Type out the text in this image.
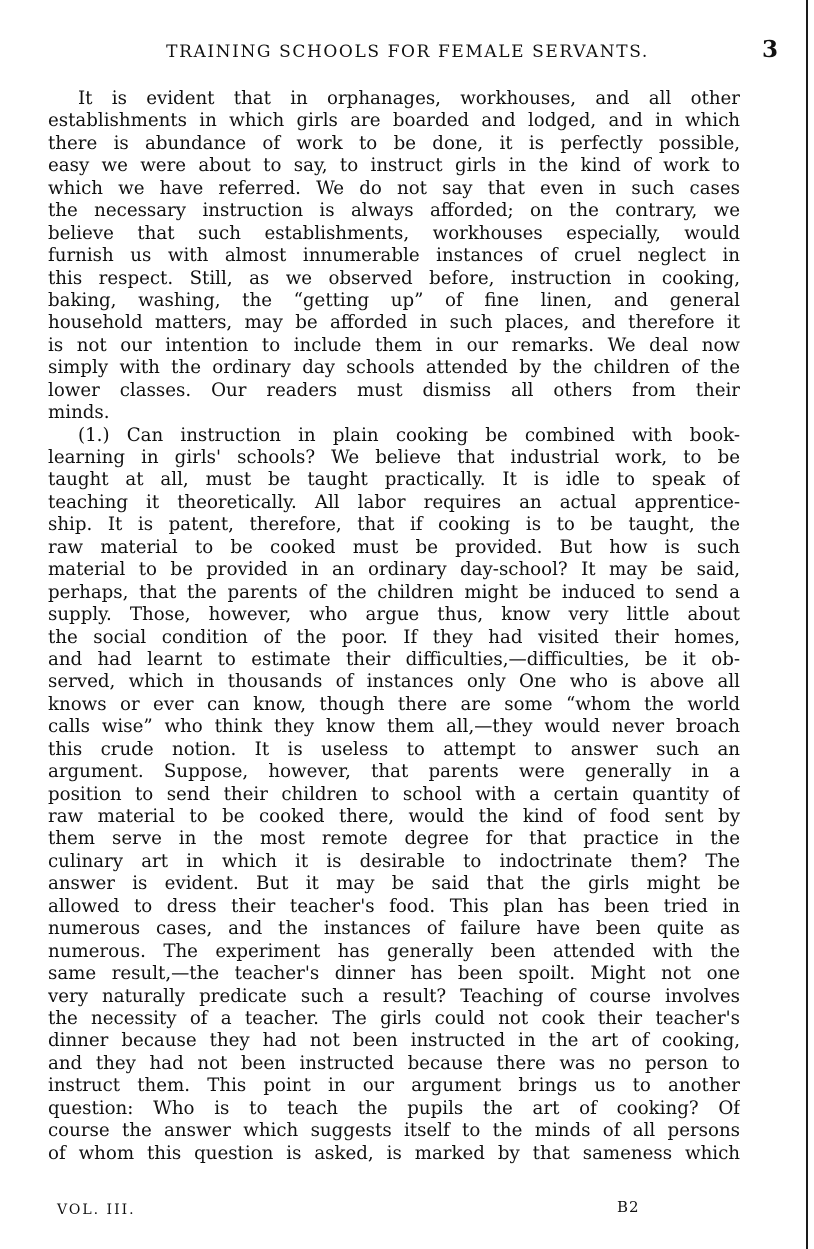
TRAINING SCHOOLS FOR FEMALE SERVANTS.	3
It is evident that in orphanages, workhouses, and all other
establishments in which girls are boarded and lodged, and in which
there is abundance of work to be done, it is perfectly possible,
easy we were about to say, to instruct girls in the kind of work to
which we have referred. We do not say that even in such cases
the necessary instruction is always afforded; on the contrary, we
believe that such establishments, workhouses especially, would
furnish us with almost innumerable instances of cruel neglect in
this respect. Still, as we observed before, instruction in cooking,
baking, washing, the “getting up” of fine linen, and general
household matters, may be afforded in such places, and therefore it
is not our intention to include them in our remarks. We deal now
simply with the ordinary day schools attended by the children of the
lower classes. Our readers must dismiss all others from their
minds.
(1.) Can instruction in plain cooking be combined with book-
learning in girls' schools? We believe that industrial work, to be
taught at all, must be taught practically. It is idle to speak of
teaching it theoretically. All labor requires an actual apprentice-
ship. It is patent, therefore, that if cooking is to be taught, the
raw material to be cooked must be provided. But how is such
material to be provided in an ordinary day-school? It may be said,
perhaps, that the parents of the children might be induced to send a
supply. Those, however, who argue thus, know very little about
the social condition of the poor. If they had visited their homes,
and had learnt to estimate their difficulties,—difficulties, be it ob-
served, which in thousands of instances only One who is above all
knows or ever can know, though there are some “whom the world
calls wise” who think they know them all,—they would never broach
this crude notion. It is useless to attempt to answer such an
argument. Suppose, however, that parents were generally in a
position to send their children to school with a certain quantity of
raw material to be cooked there, would the kind of food sent by
them serve in the most remote degree for that practice in the
culinary art in which it is desirable to indoctrinate them? The
answer is evident. But it may be said that the girls might be
allowed to dress their teacher's food. This plan has been tried in
numerous cases, and the instances of failure have been quite as
numerous. The experiment has generally been attended with the
same result,—the teacher's dinner has been spoilt. Might not one
very naturally predicate such a result? Teaching of course involves
the necessity of a teacher. The girls could not cook their teacher's
dinner because they had not been instructed in the art of cooking,
and they had not been instructed because there was no person to
instruct them. This point in our argument brings us to another
question: Who is to teach the pupils the art of cooking? Of
course the answer which suggests itself to the minds of all persons
of whom this question is asked, is marked by that sameness which
VOL. III.	B2
